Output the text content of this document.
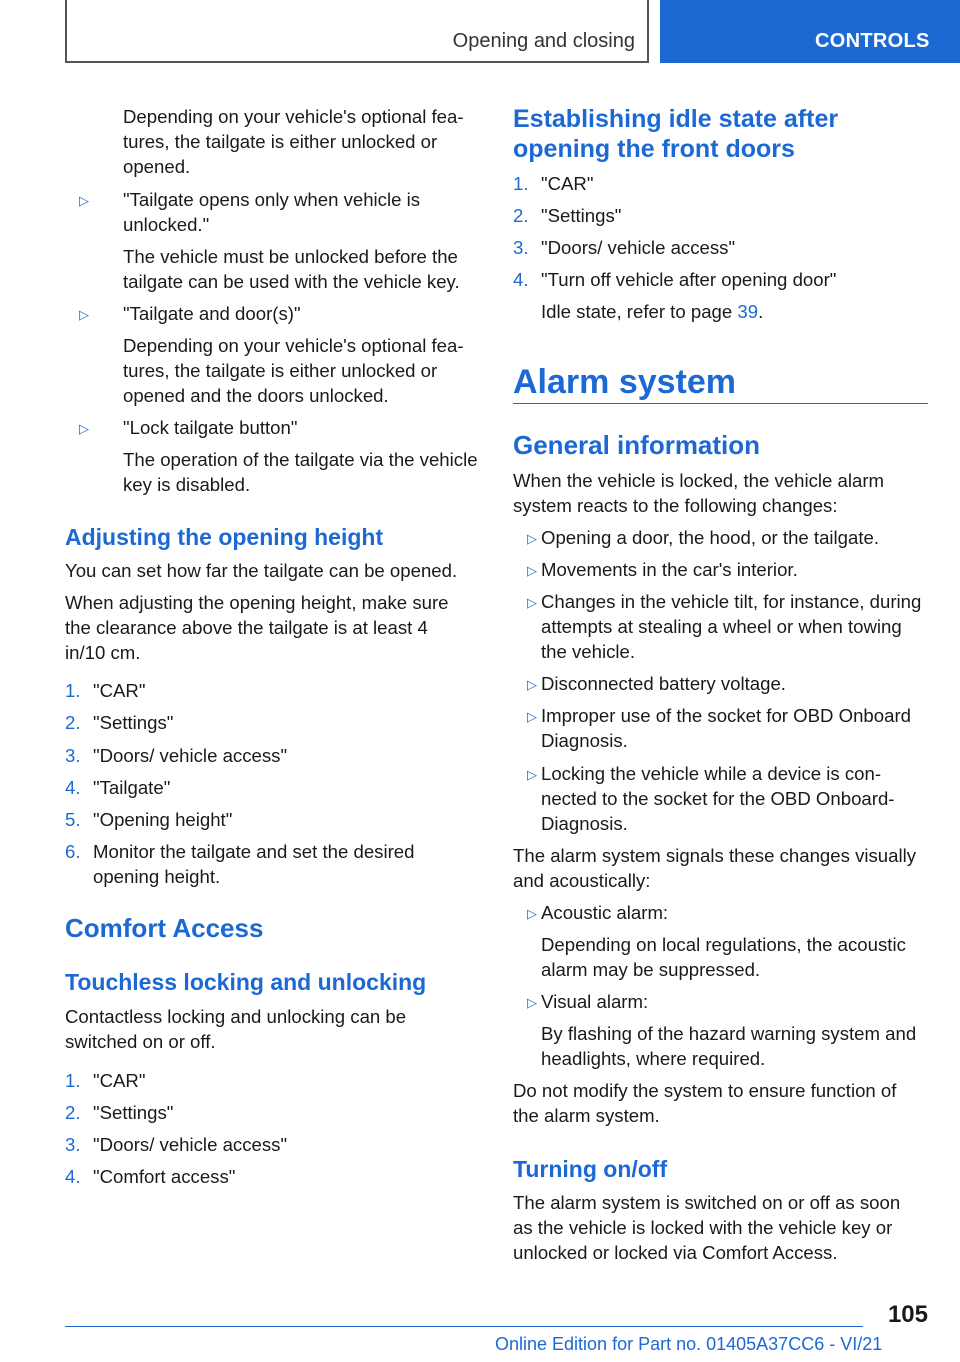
Opening and closing	CONTROLS

Depending on your vehicle's optional features, the tailgate is either unlocked or opened.

▷ "Tailgate opens only when vehicle is unlocked."

The vehicle must be unlocked before the tailgate can be used with the vehicle key.

▷ "Tailgate and door(s)"

Depending on your vehicle's optional features, the tailgate is either unlocked or opened and the doors unlocked.

▷ "Lock tailgate button"

The operation of the tailgate via the vehicle key is disabled.

Adjusting the opening height

You can set how far the tailgate can be opened.

When adjusting the opening height, make sure the clearance above the tailgate is at least 4 in/10 cm.

1. "CAR"
2. "Settings"
3. "Doors/ vehicle access"
4. "Tailgate"
5. "Opening height"
6. Monitor the tailgate and set the desired opening height.
Comfort Access
Touchless locking and unlocking

Contactless locking and unlocking can be switched on or off.

1. "CAR"
2. "Settings"
3. "Doors/ vehicle access"
4. "Comfort access"
Establishing idle state after opening the front doors
1. "CAR"
2. "Settings"
3. "Doors/ vehicle access"
4. "Turn off vehicle after opening door"

Idle state, refer to page 39.

Alarm system
General information

When the vehicle is locked, the vehicle alarm system reacts to the following changes:

▷ Opening a door, the hood, or the tailgate.

▷ Movements in the car's interior.

▷ Changes in the vehicle tilt, for instance, during attempts at stealing a wheel or when towing the vehicle.

▷ Disconnected battery voltage.

▷ Improper use of the socket for OBD Onboard Diagnosis.

▷ Locking the vehicle while a device is connected to the socket for the OBD Onboard-Diagnosis.

The alarm system signals these changes visually and acoustically:

▷ Acoustic alarm:

Depending on local regulations, the acoustic alarm may be suppressed.

▷ Visual alarm:

By flashing of the hazard warning system and headlights, where required.

Do not modify the system to ensure function of the alarm system.

Turning on/off

The alarm system is switched on or off as soon as the vehicle is locked with the vehicle key or unlocked or locked via Comfort Access.

105
Online Edition for Part no. 01405A37CC6 - VI/21
